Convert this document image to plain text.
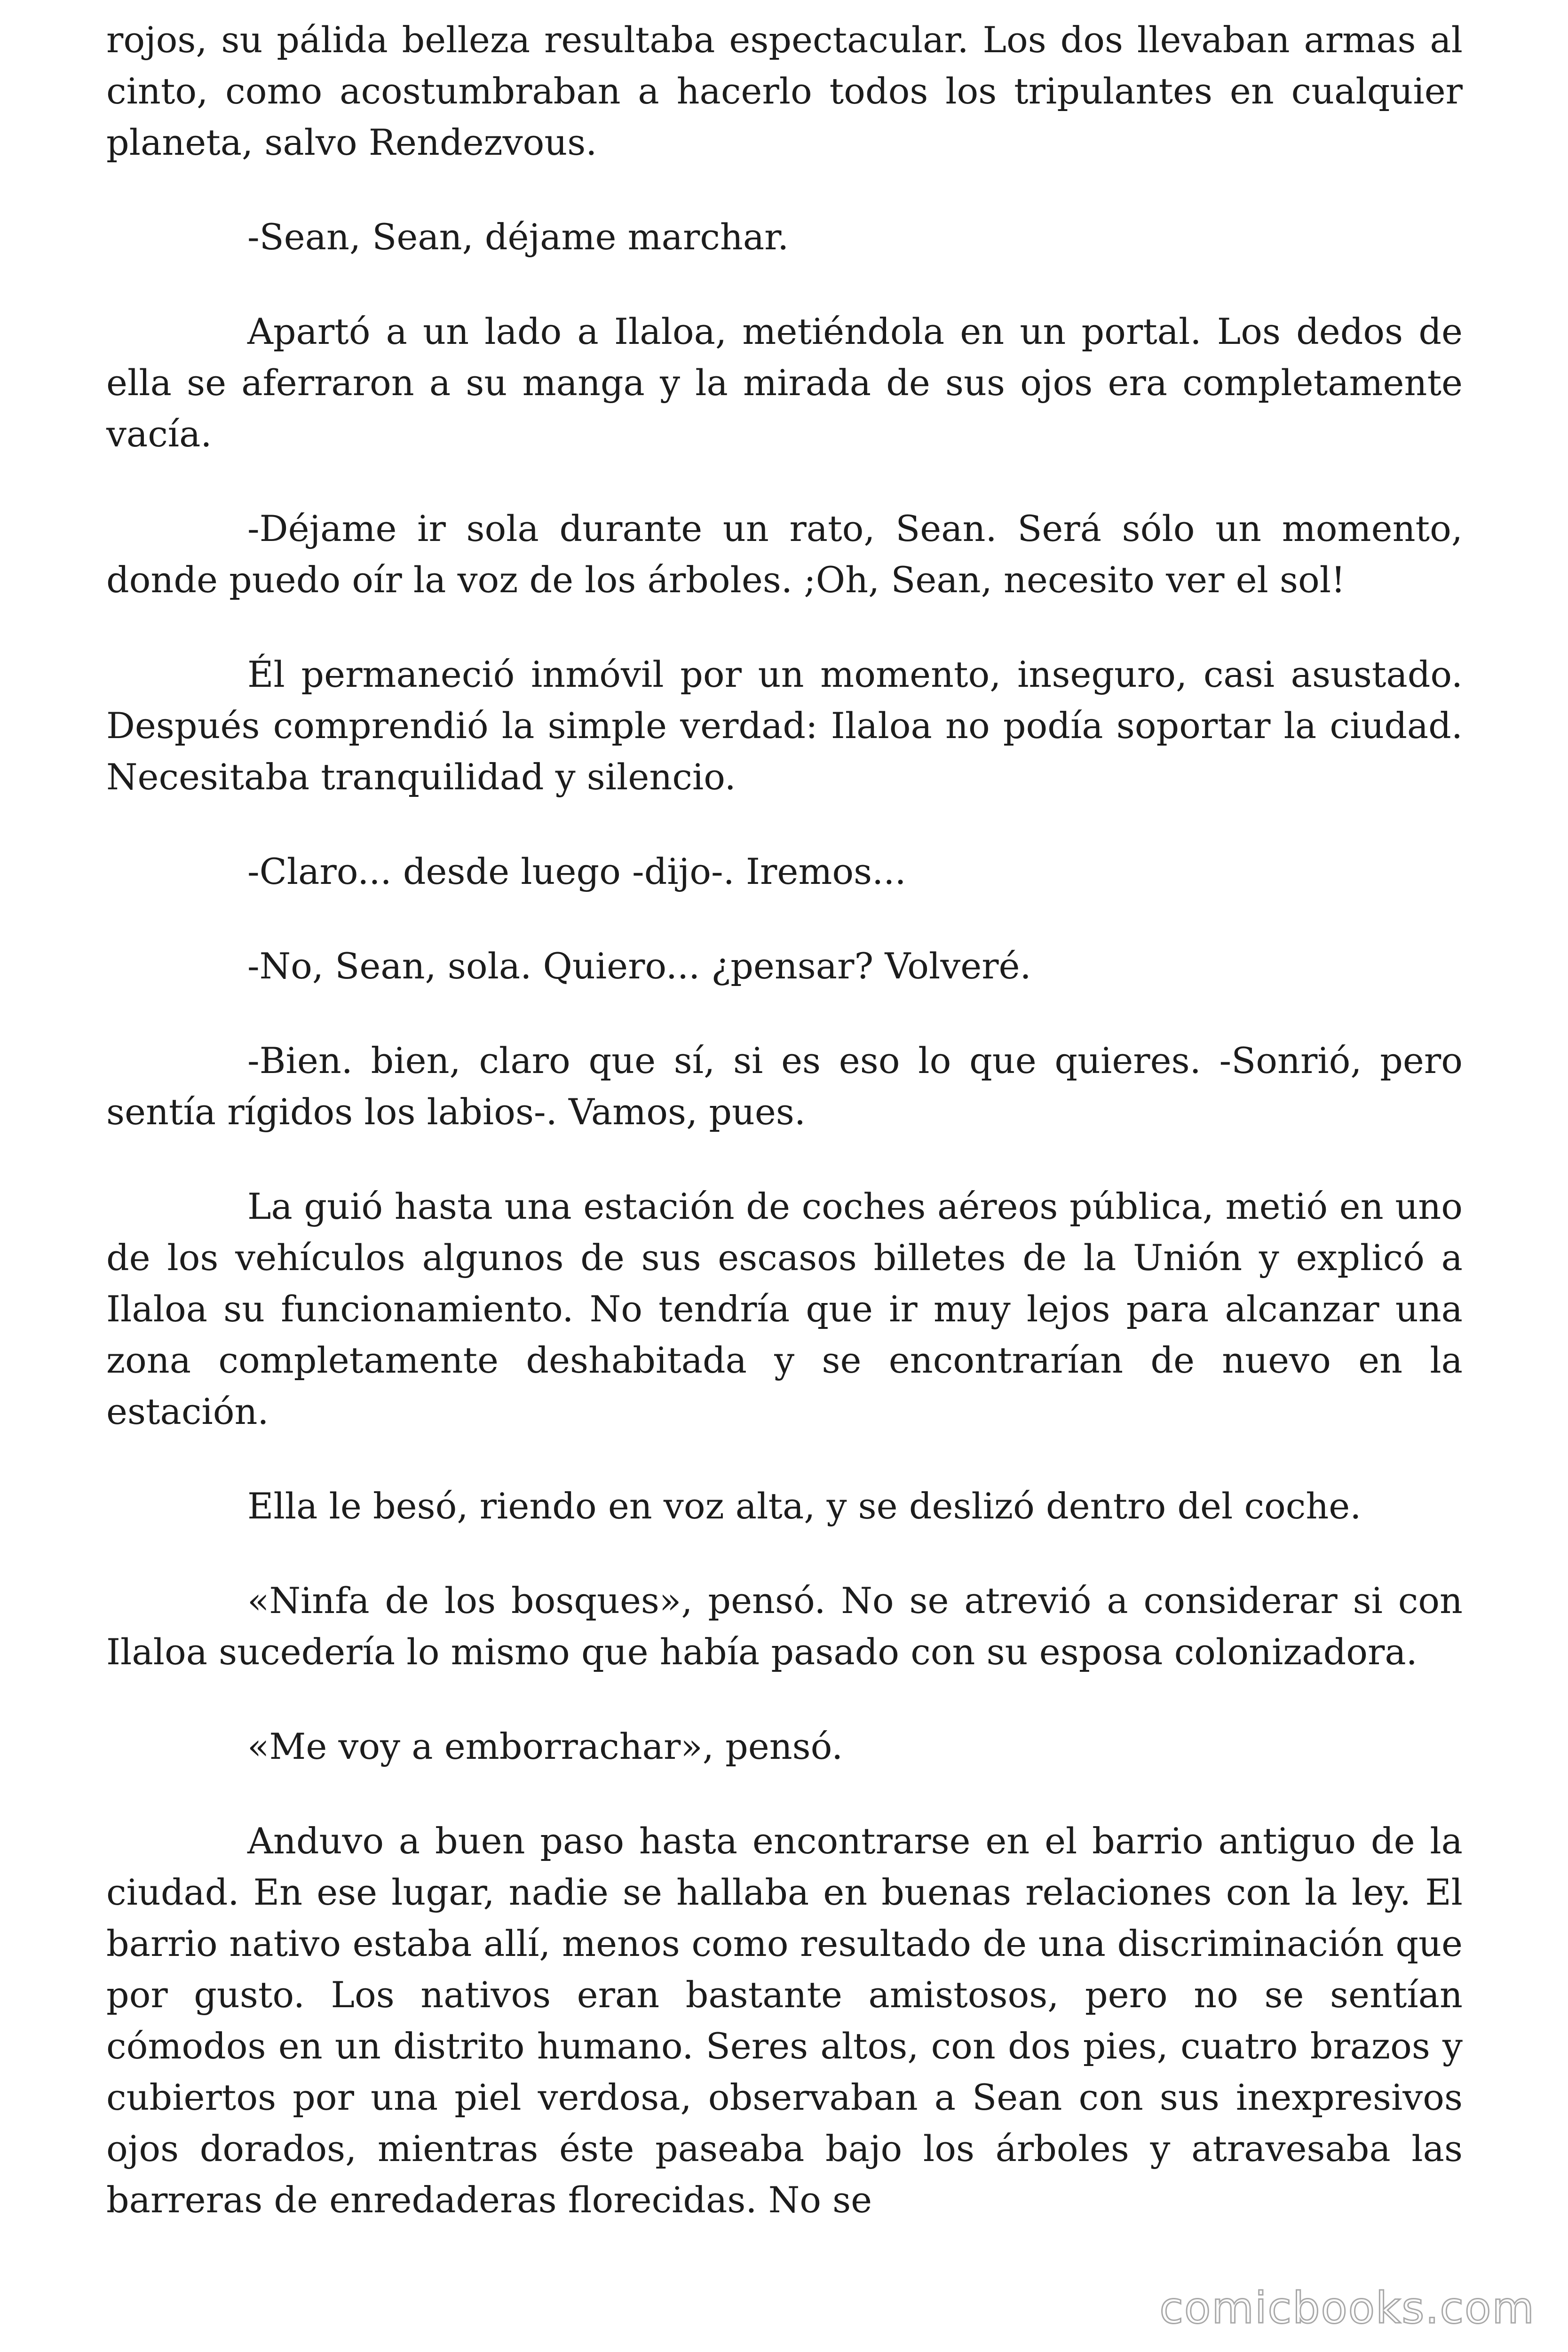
rojos, su pálida belleza resultaba espectacular. Los dos llevaban armas al cinto, como acostumbraban a hacerlo todos los tripulantes en cualquier planeta, salvo Rendezvous.

-Sean, Sean, déjame marchar.

Apartó a un lado a Ilaloa, metiéndola en un portal. Los dedos de ella se aferraron a su manga y la mirada de sus ojos era completamente vacía.

-Déjame ir sola durante un rato, Sean. Será sólo un momento, donde puedo oír la voz de los árboles. ;Oh, Sean, necesito ver el sol!

Él permaneció inmóvil por un momento, inseguro, casi asustado. Después comprendió la simple verdad: Ilaloa no podía soportar la ciudad. Necesitaba tranquilidad y silencio.

-Claro... desde luego -dijo-. Iremos...

-No, Sean, sola. Quiero... ¿pensar? Volveré.

-Bien. bien, claro que sí, si es eso lo que quieres. -Sonrió, pero sentía rígidos los labios-. Vamos, pues.

La guió hasta una estación de coches aéreos pública, metió en uno de los vehículos algunos de sus escasos billetes de la Unión y explicó a Ilaloa su funcionamiento. No tendría que ir muy lejos para alcanzar una zona completamente deshabitada y se encontrarían de nuevo en la estación.

Ella le besó, riendo en voz alta, y se deslizó dentro del coche.

«Ninfa de los bosques», pensó. No se atrevió a considerar si con Ilaloa sucedería lo mismo que había pasado con su esposa colonizadora.

«Me voy a emborrachar», pensó.

Anduvo a buen paso hasta encontrarse en el barrio antiguo de la ciudad. En ese lugar, nadie se hallaba en buenas relaciones con la ley. El barrio nativo estaba allí, menos como resultado de una discriminación que por gusto. Los nativos eran bastante amistosos, pero no se sentían cómodos en un distrito humano. Seres altos, con dos pies, cuatro brazos y cubiertos por una piel verdosa, observaban a Sean con sus inexpresivos ojos dorados, mientras éste paseaba bajo los árboles y atravesaba las barreras de enredaderas florecidas. No se

comicbooks.com
